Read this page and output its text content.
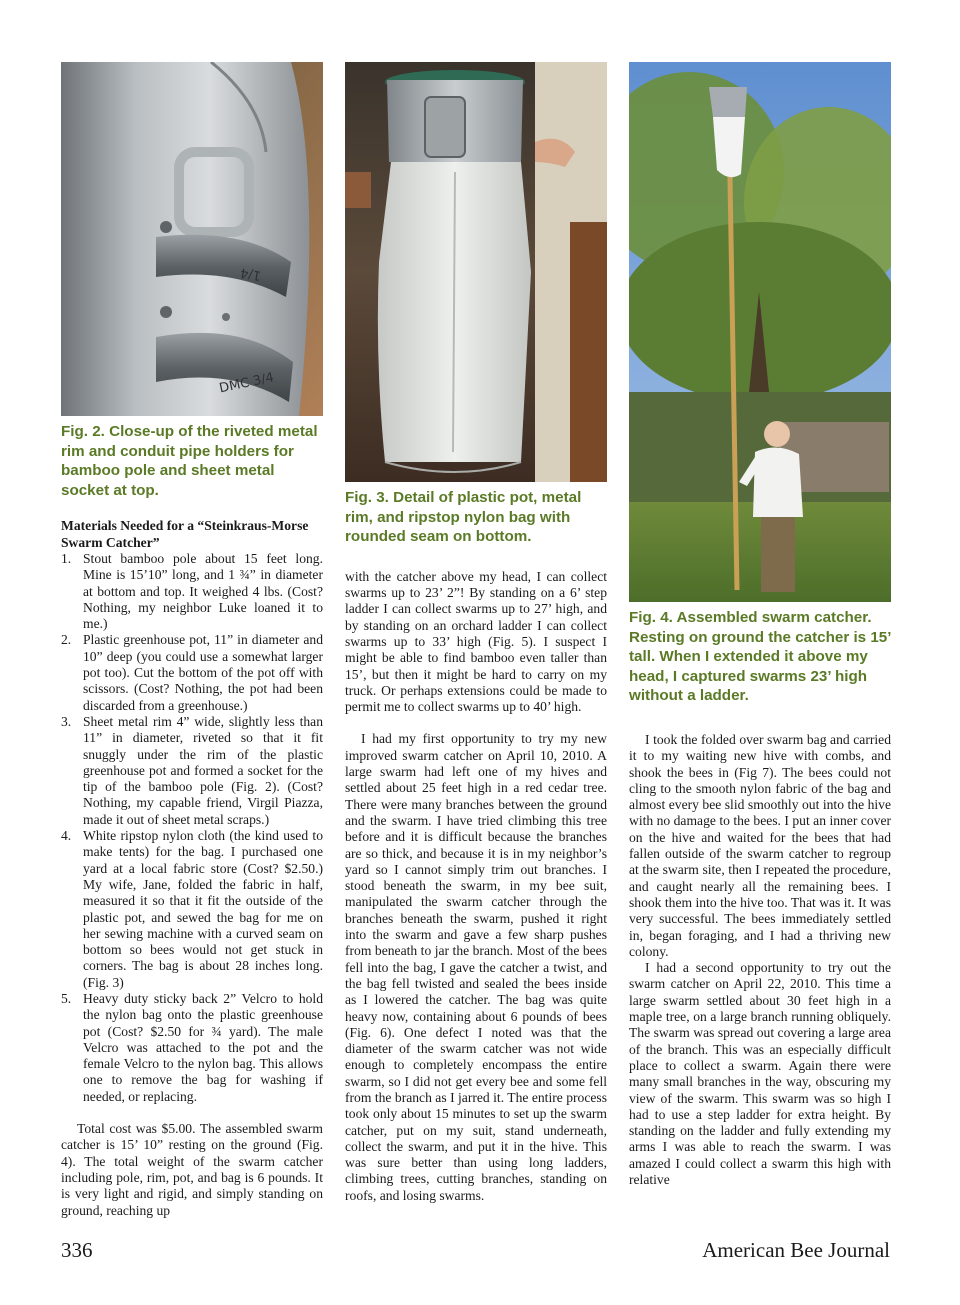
1/4
DMC 3/4

Fig. 2. Close-up of the riveted metal rim and conduit pipe holders for bamboo pole and sheet metal socket at top.

Materials Needed for a “Steinkraus-Morse Swarm Catcher”

1. Stout bamboo pole about 15 feet long. Mine is 15’10” long, and 1 ¾” in diameter at bottom and top. It weighed 4 lbs. (Cost? Nothing, my neighbor Luke loaned it to me.)
2. Plastic greenhouse pot, 11” in diameter and 10” deep (you could use a somewhat larger pot too). Cut the bottom of the pot off with scissors. (Cost? Nothing, the pot had been discarded from a greenhouse.)
3. Sheet metal rim 4” wide, slightly less than 11” in diameter, riveted so that it fit snuggly under the rim of the plastic greenhouse pot and formed a socket for the tip of the bamboo pole (Fig. 2). (Cost? Nothing, my capable friend, Virgil Piazza, made it out of sheet metal scraps.)
4. White ripstop nylon cloth (the kind used to make tents) for the bag. I purchased one yard at a local fabric store (Cost? $2.50.) My wife, Jane, folded the fabric in half, measured it so that it fit the outside of the plastic pot, and sewed the bag for me on her sewing machine with a curved seam on bottom so bees would not get stuck in corners. The bag is about 28 inches long. (Fig. 3)
5. Heavy duty sticky back 2” Velcro to hold the nylon bag onto the plastic greenhouse pot (Cost? $2.50 for ¾ yard). The male Velcro was attached to the pot and the female Velcro to the nylon bag. This allows one to remove the bag for washing if needed, or replacing.

Total cost was $5.00. The assembled swarm catcher is 15’ 10” resting on the ground (Fig. 4). The total weight of the swarm catcher including pole, rim, pot, and bag is 6 pounds. It is very light and rigid, and simply standing on ground, reaching up

Fig. 3. Detail of plastic pot, metal rim, and ripstop nylon bag with rounded seam on bottom.

with the catcher above my head, I can collect swarms up to 23’ 2”! By standing on a 6’ step ladder I can collect swarms up to 27’ high, and by standing on an orchard ladder I can collect swarms up to 33’ high (Fig. 5). I suspect I might be able to find bamboo even taller than 15’, but then it might be hard to carry on my truck. Or perhaps extensions could be made to permit me to collect swarms up to 40’ high.

I had my first opportunity to try my new improved swarm catcher on April 10, 2010. A large swarm had left one of my hives and settled about 25 feet high in a red cedar tree. There were many branches between the ground and the swarm. I have tried climbing this tree before and it is difficult because the branches are so thick, and because it is in my neighbor’s yard so I cannot simply trim out branches. I stood beneath the swarm, in my bee suit, manipulated the swarm catcher through the branches beneath the swarm, pushed it right into the swarm and gave a few sharp pushes from beneath to jar the branch. Most of the bees fell into the bag, I gave the catcher a twist, and the bag fell twisted and sealed the bees inside as I lowered the catcher. The bag was quite heavy now, containing about 6 pounds of bees (Fig. 6). One defect I noted was that the diameter of the swarm catcher was not wide enough to completely encompass the entire swarm, so I did not get every bee and some fell from the branch as I jarred it. The entire process took only about 15 minutes to set up the swarm catcher, put on my suit, stand underneath, collect the swarm, and put it in the hive. This was sure better than using long ladders, climbing trees, cutting branches, standing on roofs, and losing swarms.

Fig. 4. Assembled swarm catcher. Resting on ground the catcher is 15’ tall. When I extended it above my head, I captured swarms 23’ high without a ladder.

I took the folded over swarm bag and carried it to my waiting new hive with combs, and shook the bees in (Fig 7). The bees could not cling to the smooth nylon fabric of the bag and almost every bee slid smoothly out into the hive with no damage to the bees. I put an inner cover on the hive and waited for the bees that had fallen outside of the swarm catcher to regroup at the swarm site, then I repeated the procedure, and caught nearly all the remaining bees. I shook them into the hive too. That was it. It was very successful. The bees immediately settled in, began foraging, and I had a thriving new colony.

I had a second opportunity to try out the swarm catcher on April 22, 2010. This time a large swarm settled about 30 feet high in a maple tree, on a large branch running obliquely. The swarm was spread out covering a large area of the branch. This was an especially difficult place to collect a swarm. Again there were many small branches in the way, obscuring my view of the swarm. This swarm was so high I had to use a step ladder for extra height. By standing on the ladder and fully extending my arms I was able to reach the swarm. I was amazed I could collect a swarm this high with relative

336	American Bee Journal
